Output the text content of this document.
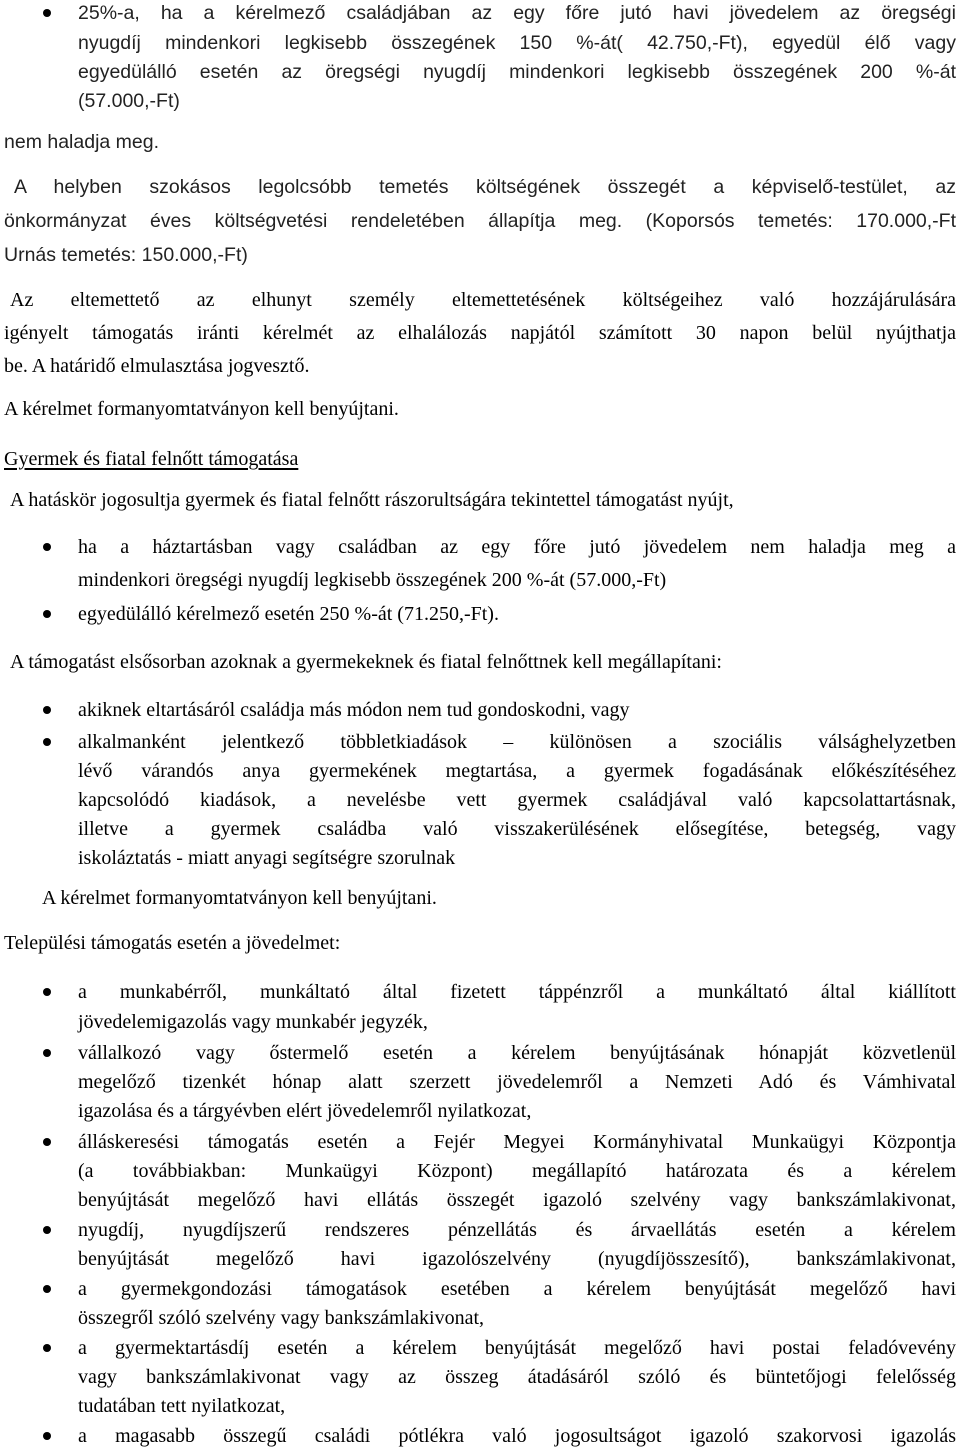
25%-a, ha a kérelmező családjában az egy főre jutó havi jövedelem az öregségi
nyugdíj mindenkori legkisebb összegének 150 %-át( 42.750,-Ft), egyedül élő vagy
egyedülálló esetén az öregségi nyugdíj mindenkori legkisebb összegének 200 %-át
(57.000,-Ft)
nem haladja meg.
A helyben szokásos legolcsóbb temetés költségének összegét a képviselő-testület, az
önkormányzat éves költségvetési rendeletében állapítja meg. (Koporsós temetés: 170.000,-Ft
Urnás temetés: 150.000,-Ft)
Az eltemettető az elhunyt személy eltemettetésének költségeihez való hozzájárulására
igényelt támogatás iránti kérelmét az elhalálozás napjától számított 30 napon belül nyújthatja
be. A határidő elmulasztása jogvesztő.
A kérelmet formanyomtatványon kell benyújtani.
Gyermek és fiatal felnőtt támogatása
A hatáskör jogosultja gyermek és fiatal felnőtt rászorultságára tekintettel támogatást nyújt,
ha a háztartásban vagy családban az egy főre jutó jövedelem nem haladja meg a
mindenkori öregségi nyugdíj legkisebb összegének 200 %-át (57.000,-Ft)
egyedülálló kérelmező esetén 250 %-át (71.250,-Ft).
A támogatást elsősorban azoknak a gyermekeknek és fiatal felnőttnek kell megállapítani:
akiknek eltartásáról családja más módon nem tud gondoskodni, vagy
alkalmanként jelentkező többletkiadások – különösen a szociális válsághelyzetben
lévő várandós anya gyermekének megtartása, a gyermek fogadásának előkészítéséhez
kapcsolódó kiadások, a nevelésbe vett gyermek családjával való kapcsolattartásnak,
illetve a gyermek családba való visszakerülésének elősegítése, betegség, vagy
iskoláztatás - miatt anyagi segítségre szorulnak
A kérelmet formanyomtatványon kell benyújtani.
Települési támogatás esetén a jövedelmet:
a munkabérről, munkáltató által fizetett táppénzről a munkáltató által kiállított
jövedelemigazolás vagy munkabér jegyzék,
vállalkozó vagy őstermelő esetén a kérelem benyújtásának hónapját közvetlenül
megelőző tizenkét hónap alatt szerzett jövedelemről a Nemzeti Adó és Vámhivatal
igazolása és a tárgyévben elért jövedelemről nyilatkozat,
álláskeresési támogatás esetén a Fejér Megyei Kormányhivatal Munkaügyi Központja
(a továbbiakban: Munkaügyi Központ) megállapító határozata és a kérelem
benyújtását megelőző havi ellátás összegét igazoló szelvény vagy bankszámlakivonat,
nyugdíj, nyugdíjszerű rendszeres pénzellátás és árvaellátás esetén a kérelem
benyújtását megelőző havi igazolószelvény (nyugdíjösszesítő), bankszámlakivonat,
a gyermekgondozási támogatások esetében a kérelem benyújtását megelőző havi
összegről szóló szelvény vagy bankszámlakivonat,
a gyermektartásdíj esetén a kérelem benyújtását megelőző havi postai feladóvevény
vagy bankszámlakivonat vagy az összeg átadásáról szóló és büntetőjogi felelősség
tudatában tett nyilatkozat,
a magasabb összegű családi pótlékra való jogosultságot igazoló szakorvosi igazolás
